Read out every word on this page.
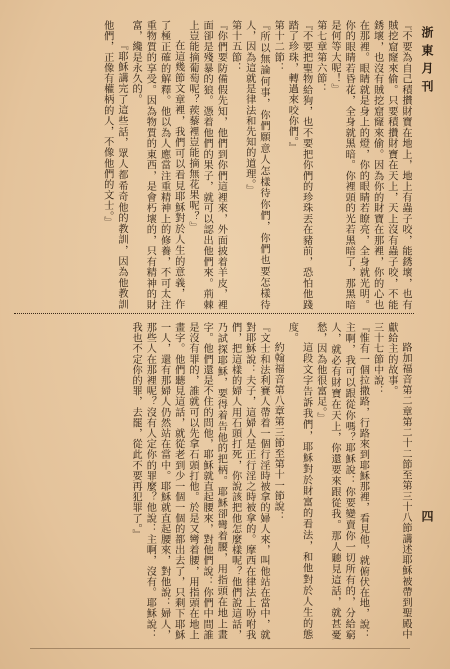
浙東月刊

『不要為自己積攢財寶在地上，地上有蟲子咬，能銹壞，也有賊挖窟窿來偷。只要積攢財寶在天上，天上沒有蟲子咬，不能銹壞，也沒有賊挖窟窿來偷。因為你的財寶在那裡，你的心也在那裡。眼睛就是身上的燈，你的眼睛若瞭亮，全身就光明。你的眼睛若昏花，全身就黑暗。你裡頭的光若黑暗了，那黑暗是何等大呢！』

第七章第六節：

『不要把聖物給狗，也不要把你們的珍珠丟在豬前，恐怕他踐踏了珍珠，轉過來咬你們。』

第十二節：

『所以無論何事，你們願意人怎樣待你們，你們也要怎樣待人，因為這就是律法和先知的道理。』

第十五節：

『你們要防備假先知，他們到你們這裡來，外面披着羊皮，裡面卻是殘暴的狼。憑着他們的果子，就可以認出他們來。荊棘上豈能摘葡萄呢？蒺藜裡豈能摘無花果呢？』

在這幾節文章裡，我們可以看見耶穌對於人生的意義，作了極正確的解釋。他以為人應當注重精神上的修養，不可太注重物質的享受。因為物質的東西，是會朽壞的，只有精神的財富，纔是永久的。

『耶穌講完了這些話，眾人都希奇他的教訓，因為他教訓他們，正像有權柄的人，不像他們的文士。』

路加福音第二章第二十二節至第三十八節講述耶穌被帶到聖殿中獻給主的故事。

三十七節中說：

『惟有一個拉撒路，行路來到耶穌那裡，看見他，就俯伏在地，說：主啊，我可以跟從你嗎？耶穌說：你要變賣你一切所有的，分給窮人，就必有財寶在天上，你還要來跟從我。那人聽見這話，就甚憂愁，因為他很富足。』

這段文字告訴我們，耶穌對於財富的看法，和他對於人生的態度。

約翰福音第八章第三節至第十一節說：

『文士和法利賽人帶着一個行淫時被拿的婦人來，叫他站在當中，就對耶穌說：夫子，這婦人是正行淫之時被拿的。摩西在律法上吩咐我們，把這樣的婦人用石頭打死，你說該把他怎麼樣呢？他們說這話，乃試探耶穌，要得着告他的把柄。耶穌卻彎着腰，用指頭在地上畫字。他們還是不住的問他，耶穌就直起腰來，對他們說：你們中間誰是沒有罪的，誰就可以先拿石頭打他。於是又彎着腰，用指頭在地上畫字。他們聽見這話，就從老到少一個一個的都出去了，只剩下耶穌一人，還有那婦人仍然站在當中。耶穌就直起腰來，對他說：婦人，那些人在那裡呢？沒有人定你的罪麼？他說：主啊，沒有。耶穌說：我也不定你的罪，去罷，從此不要再犯罪了。』	四
